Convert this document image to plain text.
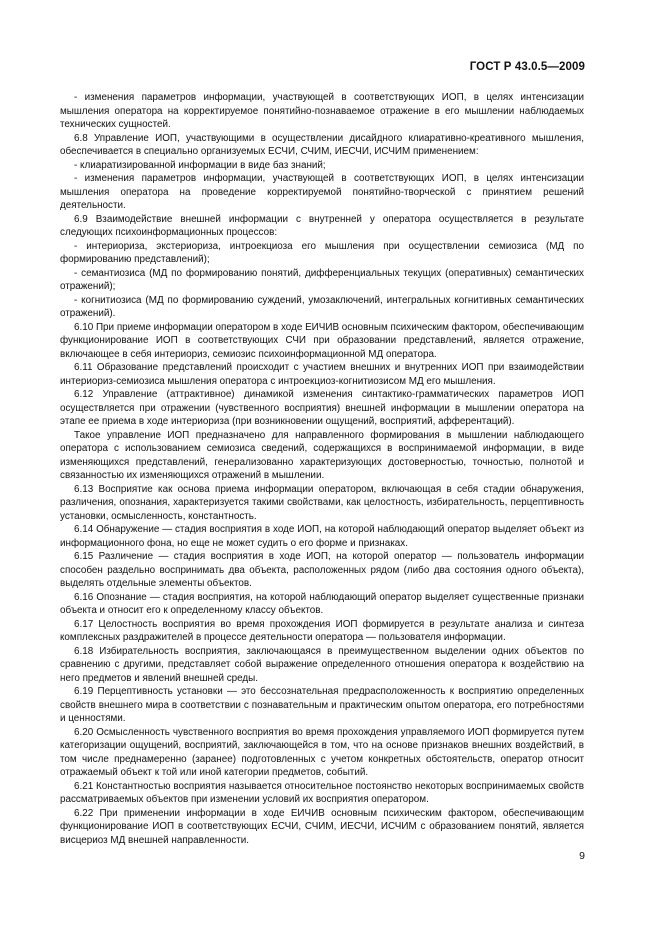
ГОСТ Р 43.0.5—2009

- изменения параметров информации, участвующей в соответствующих ИОП, в целях интенсизации мышления оператора на корректируемое понятийно-познаваемое отражение в его мышлении наблюдаемых технических сущностей.

6.8 Управление ИОП, участвующими в осуществлении дисайдного клиаративно-креативного мышления, обеспечивается в специально организуемых ЕСЧИ, СЧИМ, ИЕСЧИ, ИСЧИМ применением:

- клиаратизированной информации в виде баз знаний;

- изменения параметров информации, участвующей в соответствующих ИОП, в целях интенсизации мышления оператора на проведение корректируемой понятийно-творческой с принятием решений деятельности.

6.9 Взаимодействие внешней информации с внутренней у оператора осуществляется в результате следующих психоинформационных процессов:

- интериориза, экстериориза, интроекциоза его мышления при осуществлении семиозиса (МД по формированию представлений);

- семантиозиса (МД по формированию понятий, дифференциальных текущих (оперативных) семантических отражений);

- когнитиозиса (МД по формированию суждений, умозаключений, интегральных когнитивных семантических отражений).

6.10 При приеме информации оператором в ходе ЕИЧИВ основным психическим фактором, обеспечивающим функционирование ИОП в соответствующих СЧИ при образовании представлений, является отражение, включающее в себя интериориз, семиозис психоинформационной МД оператора.

6.11 Образование представлений происходит с участием внешних и внутренних ИОП при взаимодействии интериориз-семиозиса мышления оператора с интроекциоз-когнитиозисом МД его мышления.

6.12 Управление (аттрактивное) динамикой изменения синтактико-грамматических параметров ИОП осуществляется при отражении (чувственного восприятия) внешней информации в мышлении оператора на этапе ее приема в ходе интериориза (при возникновении ощущений, восприятий, афферентаций).

Такое управление ИОП предназначено для направленного формирования в мышлении наблюдающего оператора с использованием семиозиса сведений, содержащихся в воспринимаемой информации, в виде изменяющихся представлений, генерализованно характеризующих достоверностью, точностью, полнотой и связанностью их изменяющихся отражений в мышлении.

6.13 Восприятие как основа приема информации оператором, включающая в себя стадии обнаружения, различения, опознания, характеризуется такими свойствами, как целостность, избирательность, перцептивность установки, осмысленность, константность.

6.14 Обнаружение — стадия восприятия в ходе ИОП, на которой наблюдающий оператор выделяет объект из информационного фона, но еще не может судить о его форме и признаках.

6.15 Различение — стадия восприятия в ходе ИОП, на которой оператор — пользователь информации способен раздельно воспринимать два объекта, расположенных рядом (либо два состояния одного объекта), выделять отдельные элементы объектов.

6.16 Опознание — стадия восприятия, на которой наблюдающий оператор выделяет существенные признаки объекта и относит его к определенному классу объектов.

6.17 Целостность восприятия во время прохождения ИОП формируется в результате анализа и синтеза комплексных раздражителей в процессе деятельности оператора — пользователя информации.

6.18 Избирательность восприятия, заключающаяся в преимущественном выделении одних объектов по сравнению с другими, представляет собой выражение определенного отношения оператора к воздействию на него предметов и явлений внешней среды.

6.19 Перцептивность установки — это бессознательная предрасположенность к восприятию определенных свойств внешнего мира в соответствии с познавательным и практическим опытом оператора, его потребностями и ценностями.

6.20 Осмысленность чувственного восприятия во время прохождения управляемого ИОП формируется путем категоризации ощущений, восприятий, заключающейся в том, что на основе признаков внешних воздействий, в том числе преднамеренно (заранее) подготовленных с учетом конкретных обстоятельств, оператор относит отражаемый объект к той или иной категории предметов, событий.

6.21 Константностью восприятия называется относительное постоянство некоторых воспринимаемых свойств рассматриваемых объектов при изменении условий их восприятия оператором.

6.22 При применении информации в ходе ЕИЧИВ основным психическим фактором, обеспечивающим функционирование ИОП в соответствующих ЕСЧИ, СЧИМ, ИЕСЧИ, ИСЧИМ с образованием понятий, является висцериоз МД внешней направленности.

9
